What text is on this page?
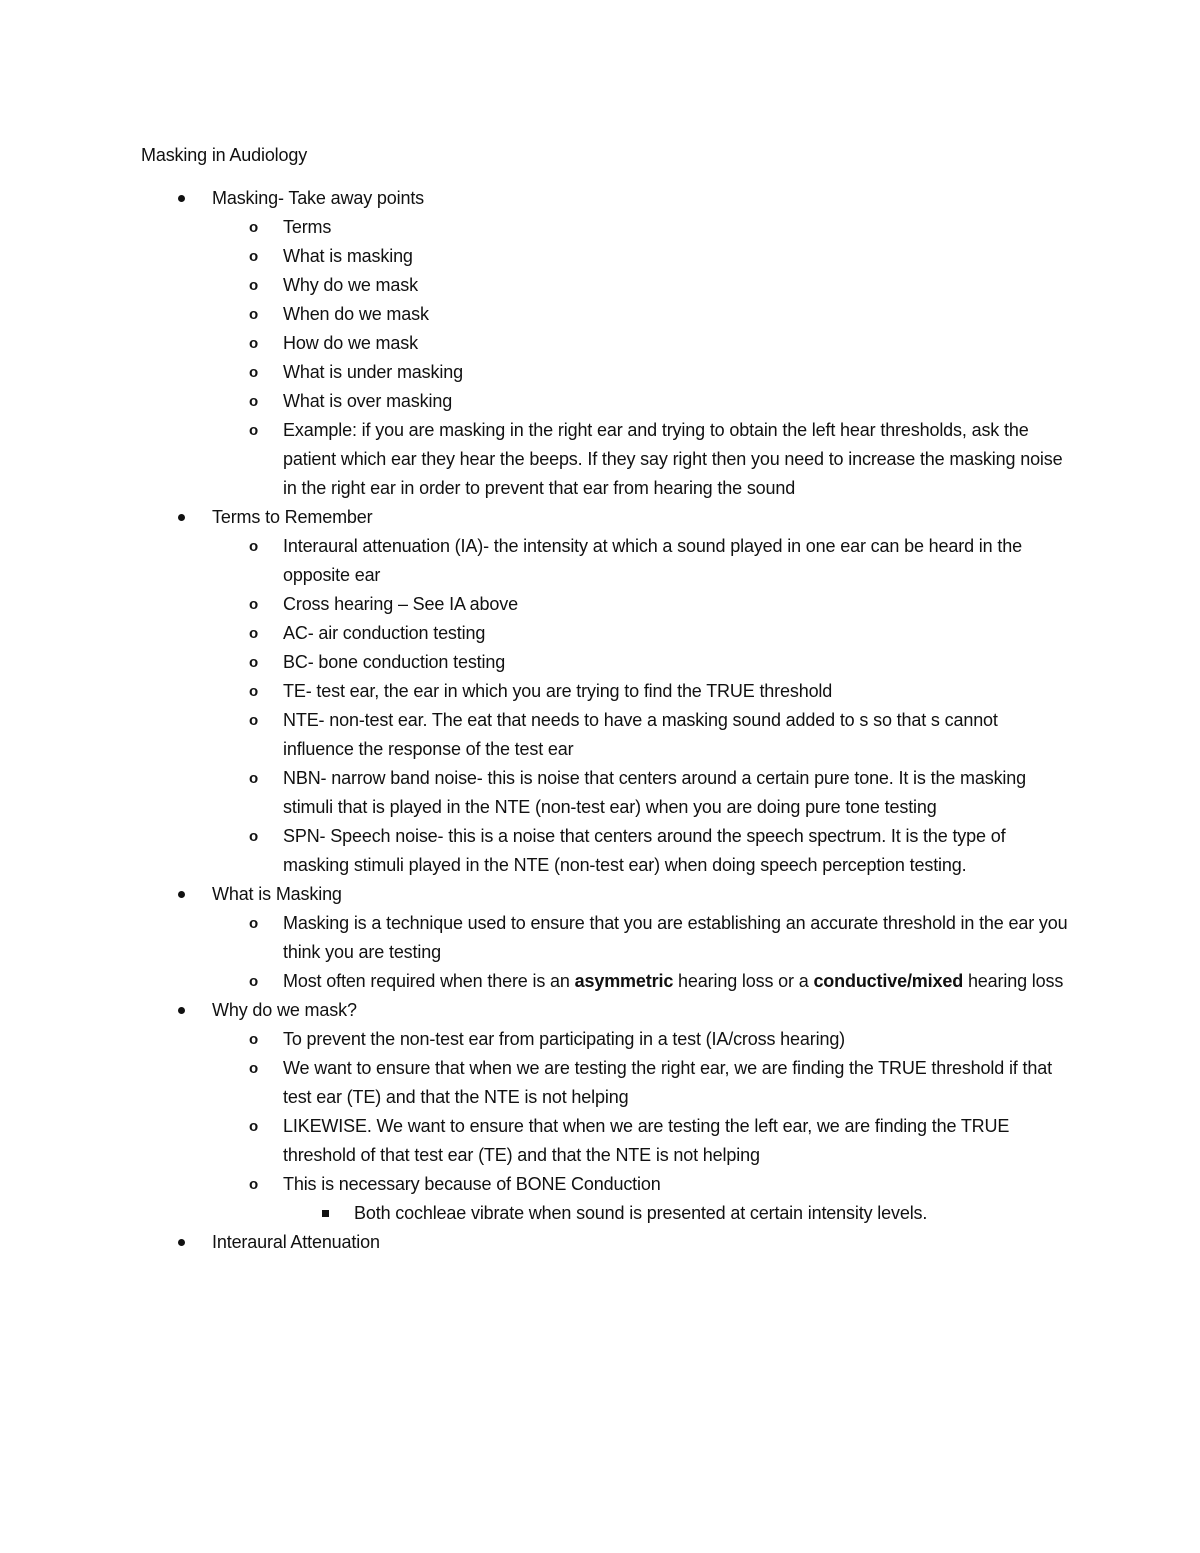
Masking in Audiology
Masking- Take away points
o Terms
o What is masking
o Why do we mask
o When do we mask
o How do we mask
o What is under masking
o What is over masking
o Example: if you are masking in the right ear and trying to obtain the left hear thresholds, ask the patient which ear they hear the beeps. If they say right then you need to increase the masking noise in the right ear in order to prevent that ear from hearing the sound
Terms to Remember
o Interaural attenuation (IA)- the intensity at which a sound played in one ear can be heard in the opposite ear
o Cross hearing – See IA above
o AC- air conduction testing
o BC- bone conduction testing
o TE- test ear, the ear in which you are trying to find the TRUE threshold
o NTE- non-test ear. The eat that needs to have a masking sound added to s so that s cannot influence the response of the test ear
o NBN- narrow band noise- this is noise that centers around a certain pure tone. It is the masking stimuli that is played in the NTE (non-test ear) when you are doing pure tone testing
o SPN- Speech noise- this is a noise that centers around the speech spectrum. It is the type of masking stimuli played in the NTE (non-test ear) when doing speech perception testing.
What is Masking
o Masking is a technique used to ensure that you are establishing an accurate threshold in the ear you think you are testing
o Most often required when there is an asymmetric hearing loss or a conductive/mixed hearing loss
Why do we mask?
o To prevent the non-test ear from participating in a test (IA/cross hearing)
o We want to ensure that when we are testing the right ear, we are finding the TRUE threshold if that test ear (TE) and that the NTE is not helping
o LIKEWISE. We want to ensure that when we are testing the left ear, we are finding the TRUE threshold of that test ear (TE) and that the NTE is not helping
o This is necessary because of BONE Conduction
Both cochleae vibrate when sound is presented at certain intensity levels.
Interaural Attenuation
